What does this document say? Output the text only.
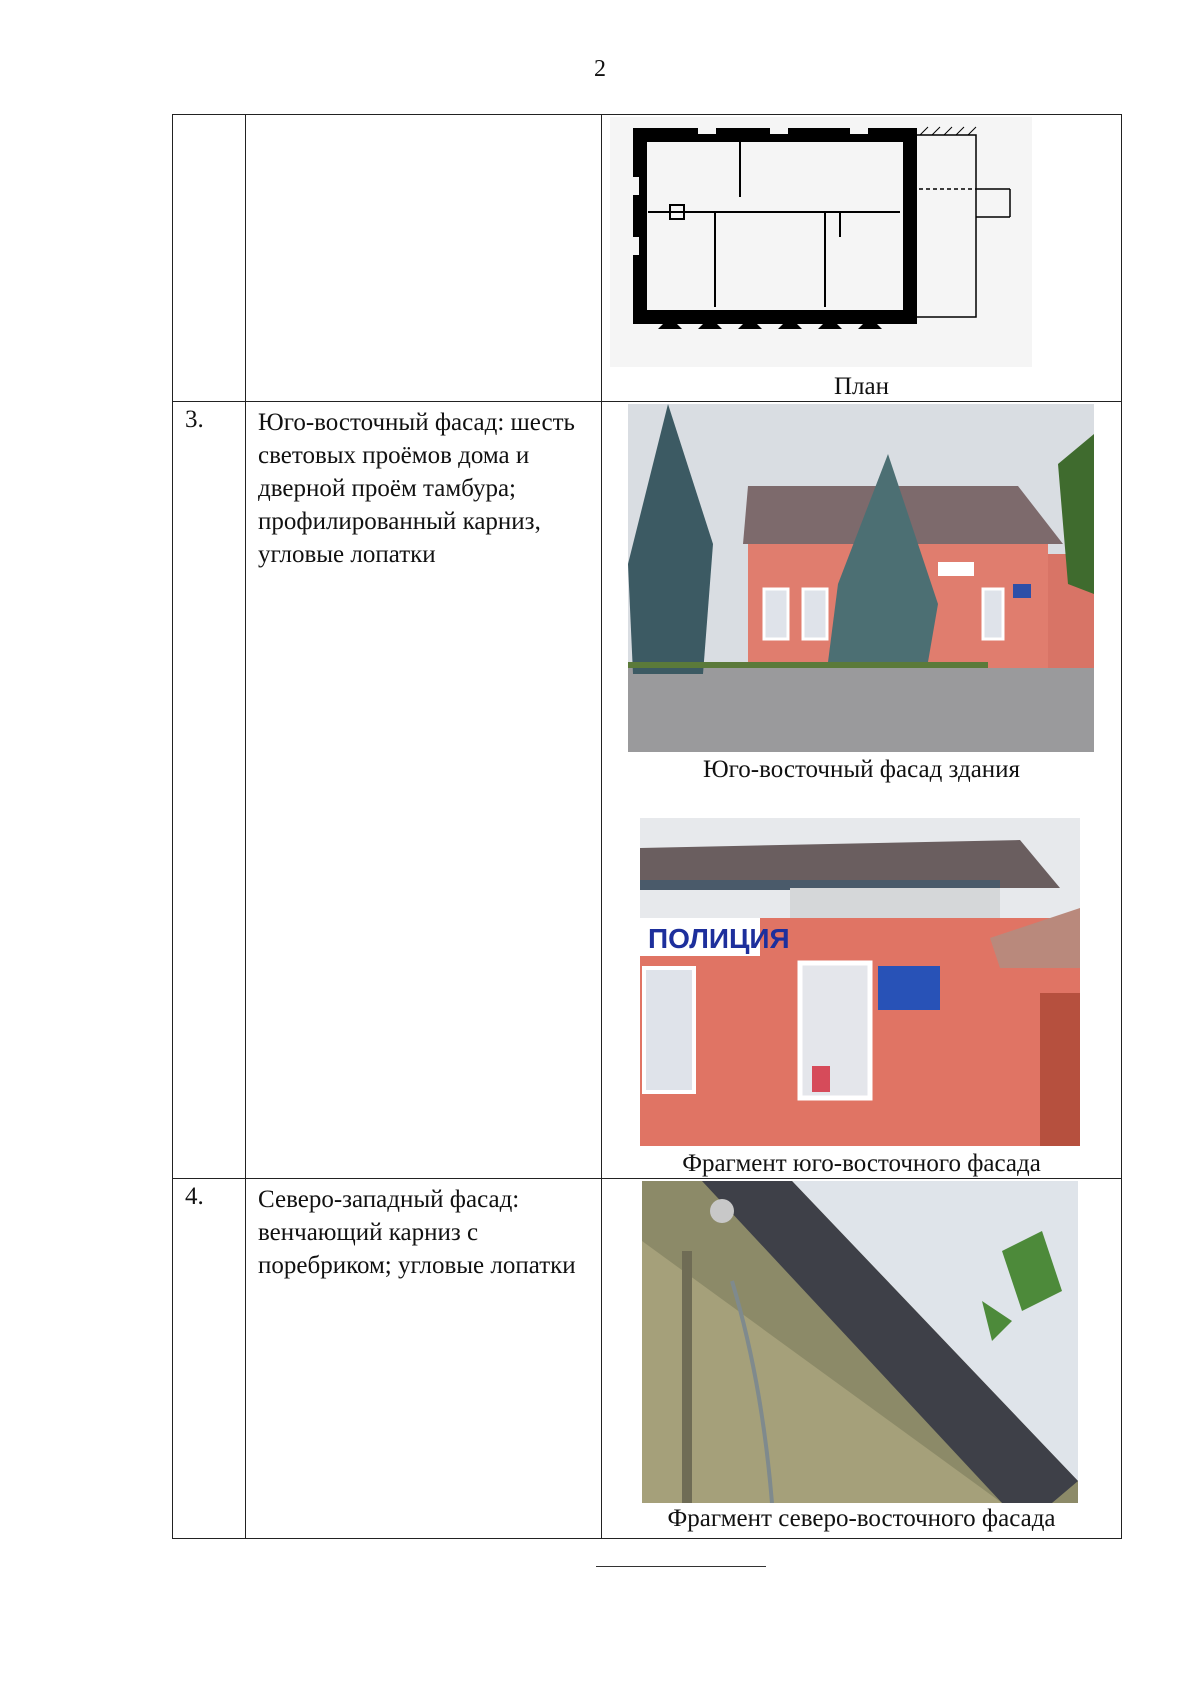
2

		План

3.	Юго-восточный фасад: шесть световых проёмов дома и дверной проём тамбура; профилированный карниз, угловые лопатки	Юго-восточный фасад здания
ПОЛИЦИЯ
Фрагмент юго-восточного фасада

4.	Северо-западный фасад: венчающий карниз с поребриком; угловые лопатки	Фрагмент северо-восточного фасада
